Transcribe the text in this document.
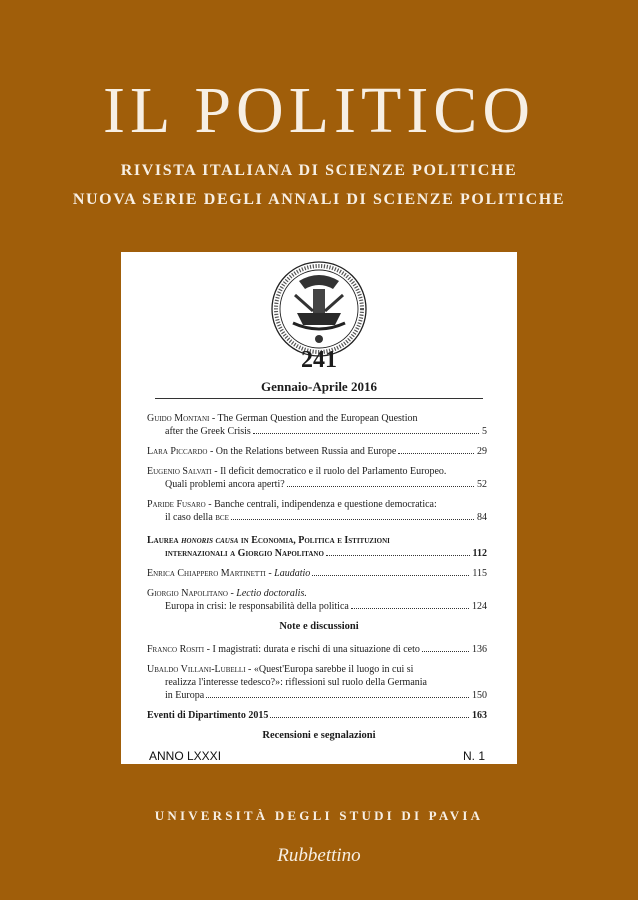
IL POLITICO
RIVISTA ITALIANA DI SCIENZE POLITICHE
NUOVA SERIE DEGLI ANNALI DI SCIENZE POLITICHE
241
Gennaio-Aprile 2016
Guido Montani - The German Question and the European Question
after the Greek Crisis	5
Lara Piccardo - On the Relations between Russia and Europe	29
Eugenio Salvati - Il deficit democratico e il ruolo del Parlamento Europeo.
Quali problemi ancora aperti?	52
Paride Fusaro - Banche centrali, indipendenza e questione democratica:
il caso della bce	84
Laurea honoris causa in Economia, Politica e Istituzioni
internazionali a Giorgio Napolitano	112
Enrica Chiappero Martinetti - Laudatio	115
Giorgio Napolitano - Lectio doctoralis.
Europa in crisi: le responsabilità della politica	124
Note e discussioni
Franco Rositi - I magistrati: durata e rischi di una situazione di ceto	136
Ubaldo Villani-Lubelli - «Quest'Europa sarebbe il luogo in cui si
realizza l'interesse tedesco?»: riflessioni sul ruolo della Germania
in Europa	150
Eventi di Dipartimento 2015	163
Recensioni e segnalazioni
ANNO LXXXI	N. 1
UNIVERSITÀ DEGLI STUDI DI PAVIA
Rubbettino
